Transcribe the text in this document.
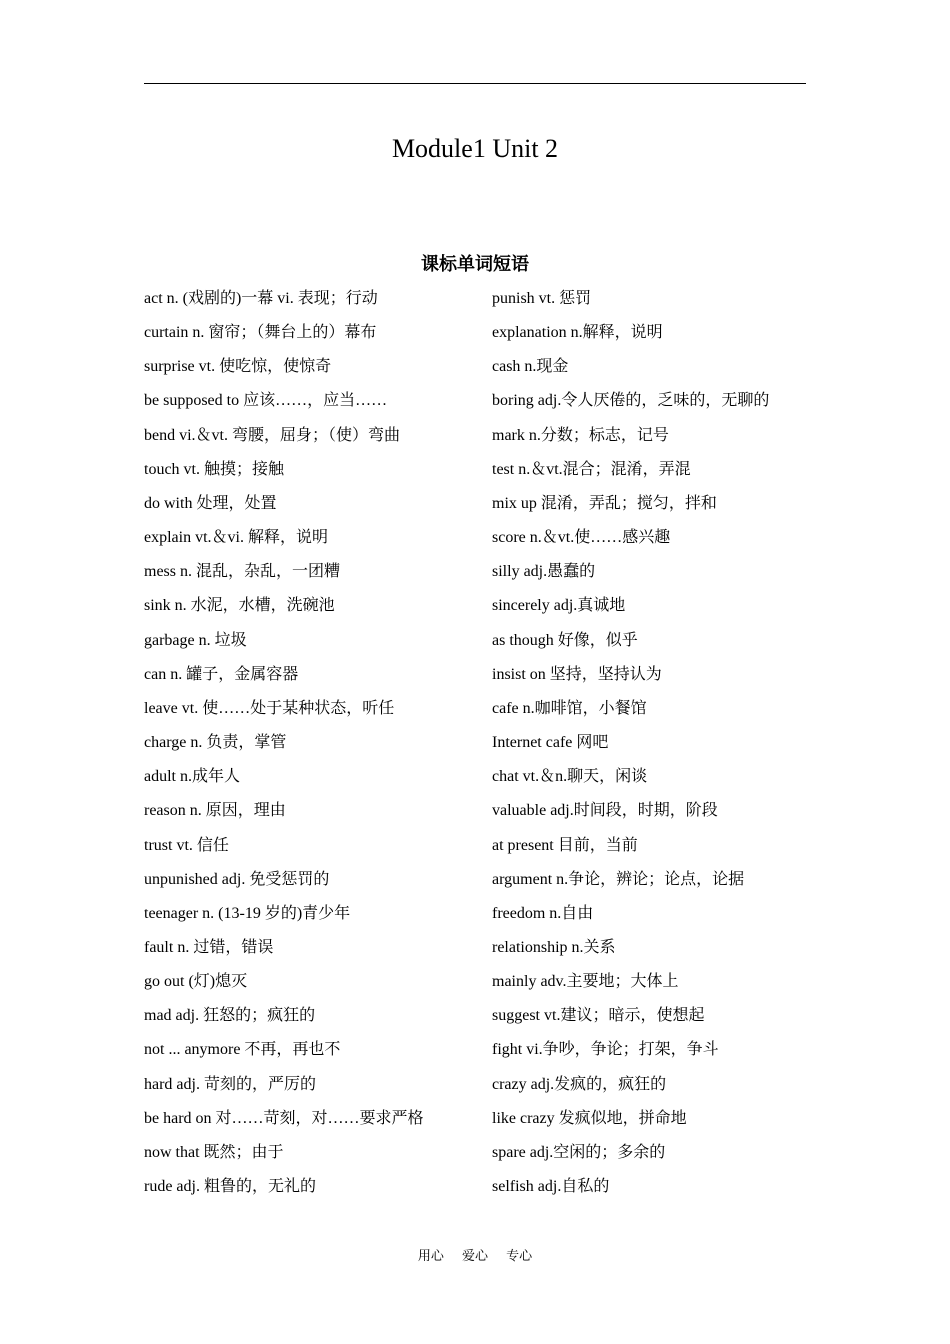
Module1 Unit 2
课标单词短语
act n. (戏剧的)一幕 vi. 表现；行动
curtain n. 窗帘；（舞台上的）幕布
surprise vt. 使吃惊，使惊奇
be supposed to 应该……，应当……
bend vi.＆vt. 弯腰，屈身；（使）弯曲
touch vt. 触摸；接触
do with 处理，处置
explain vt.＆vi. 解释，说明
mess n. 混乱，杂乱，一团糟
sink n. 水泥，水槽，洗碗池
garbage n. 垃圾
can n. 罐子，金属容器
leave vt. 使……处于某种状态，听任
charge n. 负责，掌管
adult n.成年人
reason n. 原因，理由
trust vt. 信任
unpunished adj. 免受惩罚的
teenager n. (13-19 岁的)青少年
fault n. 过错，错误
go out (灯)熄灭
mad adj. 狂怒的；疯狂的
not ... anymore 不再，再也不
hard adj. 苛刻的，严厉的
be hard on 对……苛刻，对……要求严格
now that 既然；由于
rude adj. 粗鲁的，无礼的
punish vt. 惩罚
explanation n.解释，说明
cash n.现金
boring adj.令人厌倦的，乏味的，无聊的
mark n.分数；标志，记号
test n.＆vt.混合；混淆，弄混
mix up 混淆，弄乱；搅匀，拌和
score n.＆vt.使……感兴趣
silly adj.愚蠢的
sincerely adj.真诚地
as though 好像，似乎
insist on 坚持，坚持认为
cafe n.咖啡馆，小餐馆
Internet cafe 网吧
chat vt.＆n.聊天，闲谈
valuable adj.时间段，时期，阶段
at present 目前，当前
argument n.争论，辨论；论点，论据
freedom n.自由
relationship n.关系
mainly adv.主要地；大体上
suggest vt.建议；暗示，使想起
fight vi.争吵，争论；打架，争斗
crazy adj.发疯的，疯狂的
like crazy 发疯似地，拼命地
spare adj.空闲的；多余的
selfish adj.自私的
用心 爱心 专心
